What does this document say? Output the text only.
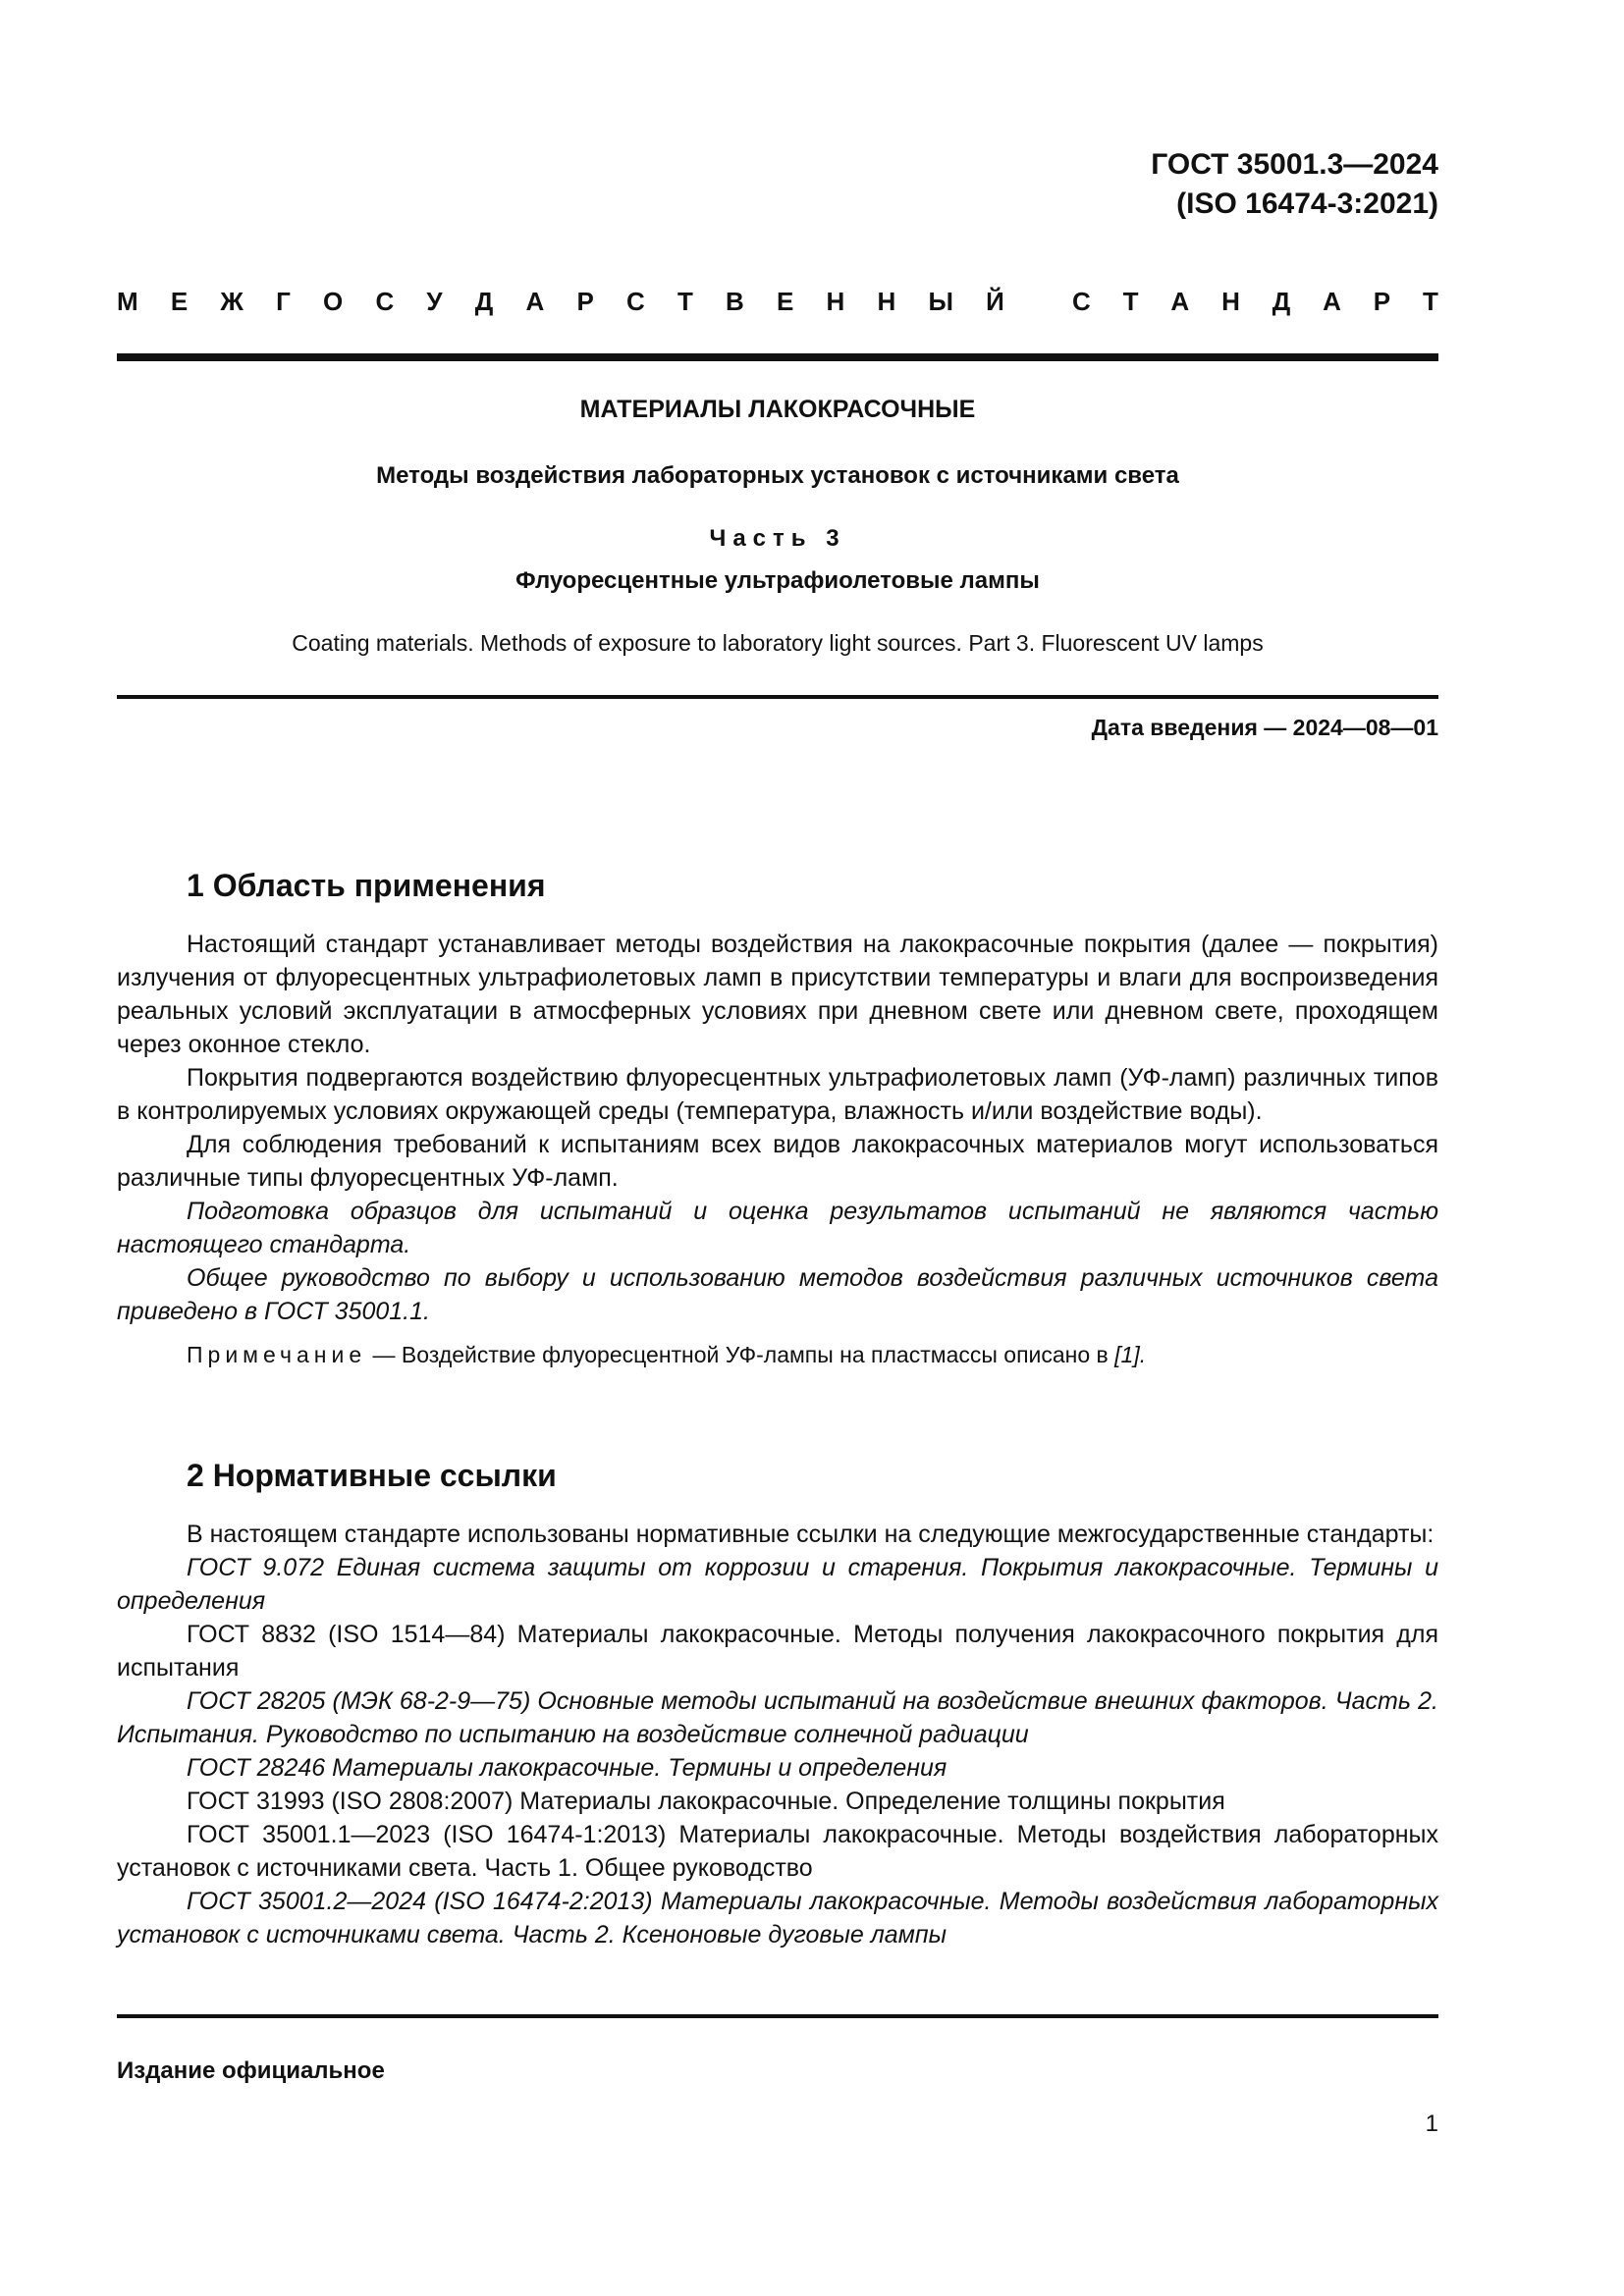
ГОСТ 35001.3—2024
(ISO 16474-3:2021)
М Е Ж Г О С У Д А Р С Т В Е Н Н Ы Й	С Т А Н Д А Р Т
МАТЕРИАЛЫ ЛАКОКРАСОЧНЫЕ
Методы воздействия лабораторных установок с источниками света
Часть 3
Флуоресцентные ультрафиолетовые лампы
Coating materials. Methods of exposure to laboratory light sources. Part 3. Fluorescent UV lamps
Дата введения — 2024—08—01
1 Область применения

Настоящий стандарт устанавливает методы воздействия на лакокрасочные покрытия (далее — покрытия) излучения от флуоресцентных ультрафиолетовых ламп в присутствии температуры и влаги для воспроизведения реальных условий эксплуатации в атмосферных условиях при дневном свете или дневном свете, проходящем через оконное стекло.

Покрытия подвергаются воздействию флуоресцентных ультрафиолетовых ламп (УФ-ламп) различных типов в контролируемых условиях окружающей среды (температура, влажность и/или воздействие воды).

Для соблюдения требований к испытаниям всех видов лакокрасочных материалов могут использоваться различные типы флуоресцентных УФ-ламп.

Подготовка образцов для испытаний и оценка результатов испытаний не являются частью настоящего стандарта.

Общее руководство по выбору и использованию методов воздействия различных источников света приведено в ГОСТ 35001.1.

Примечание — Воздействие флуоресцентной УФ-лампы на пластмассы описано в [1].

2 Нормативные ссылки

В настоящем стандарте использованы нормативные ссылки на следующие межгосударственные стандарты:

ГОСТ 9.072 Единая система защиты от коррозии и старения. Покрытия лакокрасочные. Термины и определения

ГОСТ 8832 (ISO 1514—84) Материалы лакокрасочные. Методы получения лакокрасочного покрытия для испытания

ГОСТ 28205 (МЭК 68-2-9—75) Основные методы испытаний на воздействие внешних факторов. Часть 2. Испытания. Руководство по испытанию на воздействие солнечной радиации

ГОСТ 28246 Материалы лакокрасочные. Термины и определения

ГОСТ 31993 (ISO 2808:2007) Материалы лакокрасочные. Определение толщины покрытия

ГОСТ 35001.1—2023 (ISO 16474-1:2013) Материалы лакокрасочные. Методы воздействия лабораторных установок с источниками света. Часть 1. Общее руководство

ГОСТ 35001.2—2024 (ISO 16474-2:2013) Материалы лакокрасочные. Методы воздействия лабораторных установок с источниками света. Часть 2. Ксеноновые дуговые лампы

Издание официальное
1
